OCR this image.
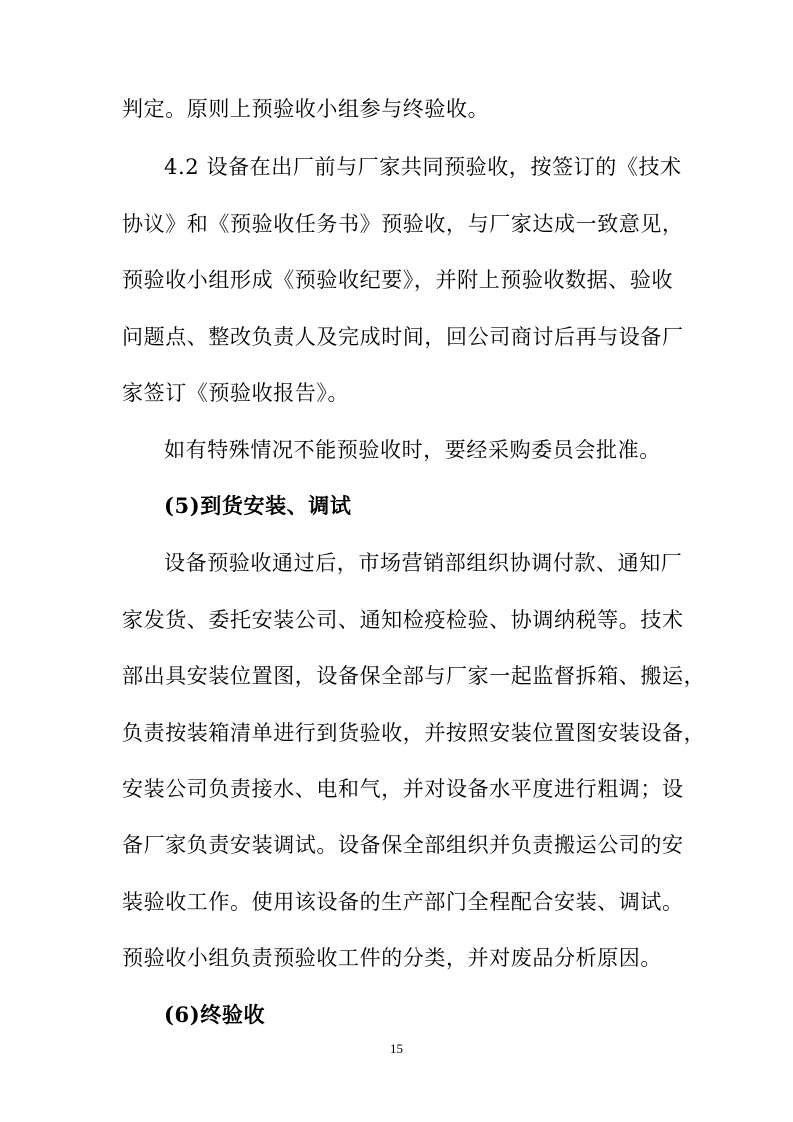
判定。原则上预验收小组参与终验收。
4.2 设备在出厂前与厂家共同预验收，按签订的《技术
协议》和《预验收任务书》预验收，与厂家达成一致意见，
预验收小组形成《预验收纪要》，并附上预验收数据、验收
问题点、整改负责人及完成时间，回公司商讨后再与设备厂
家签订《预验收报告》。
如有特殊情况不能预验收时，要经采购委员会批准。
(5)到货安装、调试
设备预验收通过后，市场营销部组织协调付款、通知厂
家发货、委托安装公司、通知检疫检验、协调纳税等。技术
部出具安装位置图，设备保全部与厂家一起监督拆箱、搬运，
负责按装箱清单进行到货验收，并按照安装位置图安装设备，
安装公司负责接水、电和气，并对设备水平度进行粗调；设
备厂家负责安装调试。设备保全部组织并负责搬运公司的安
装验收工作。使用该设备的生产部门全程配合安装、调试。
预验收小组负责预验收工件的分类，并对废品分析原因。
(6)终验收
15
